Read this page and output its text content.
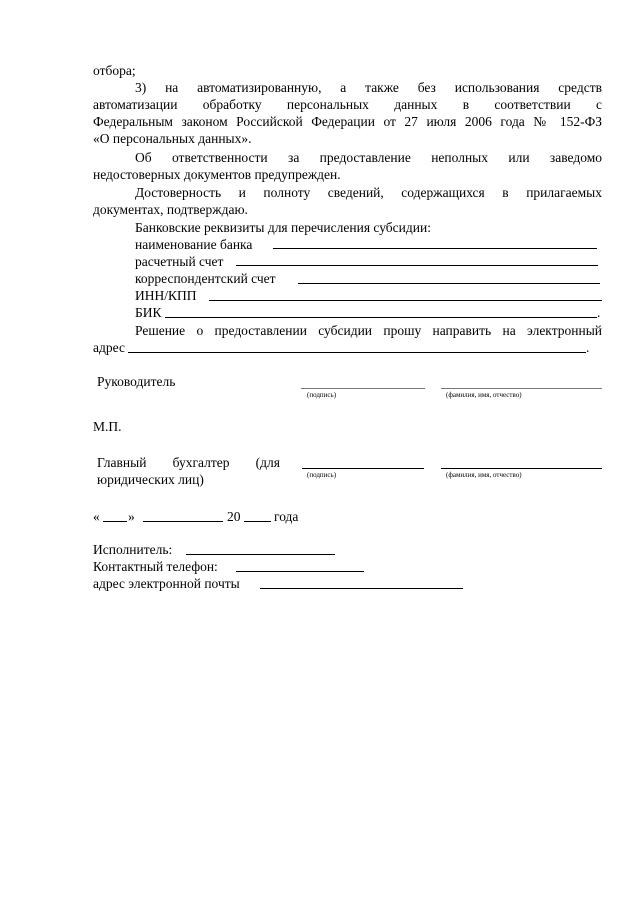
отбора;
3) на автоматизированную, а также без использования средств
автоматизации обработку персональных данных в соответствии с
Федеральным законом Российской Федерации от 27 июля 2006 года № 152-ФЗ
«О персональных данных».
Об ответственности за предоставление неполных или заведомо
недостоверных документов предупрежден.
Достоверность и полноту сведений, содержащихся в прилагаемых
документах, подтверждаю.
Банковские реквизиты для перечисления субсидии:
наименование банка
расчетный счет
корреспондентский счет
ИНН/КПП
БИК	.
Решение о предоставлении субсидии прошу направить на электронный
адрес	.
Руководитель
(подпись)	(фамилия, имя, отчество)
М.П.
Главный бухгалтер (для
юридических лиц)	(подпись)	(фамилия, имя, отчество)
« »	20 года
Исполнитель:
Контактный телефон:
адрес электронной почты
